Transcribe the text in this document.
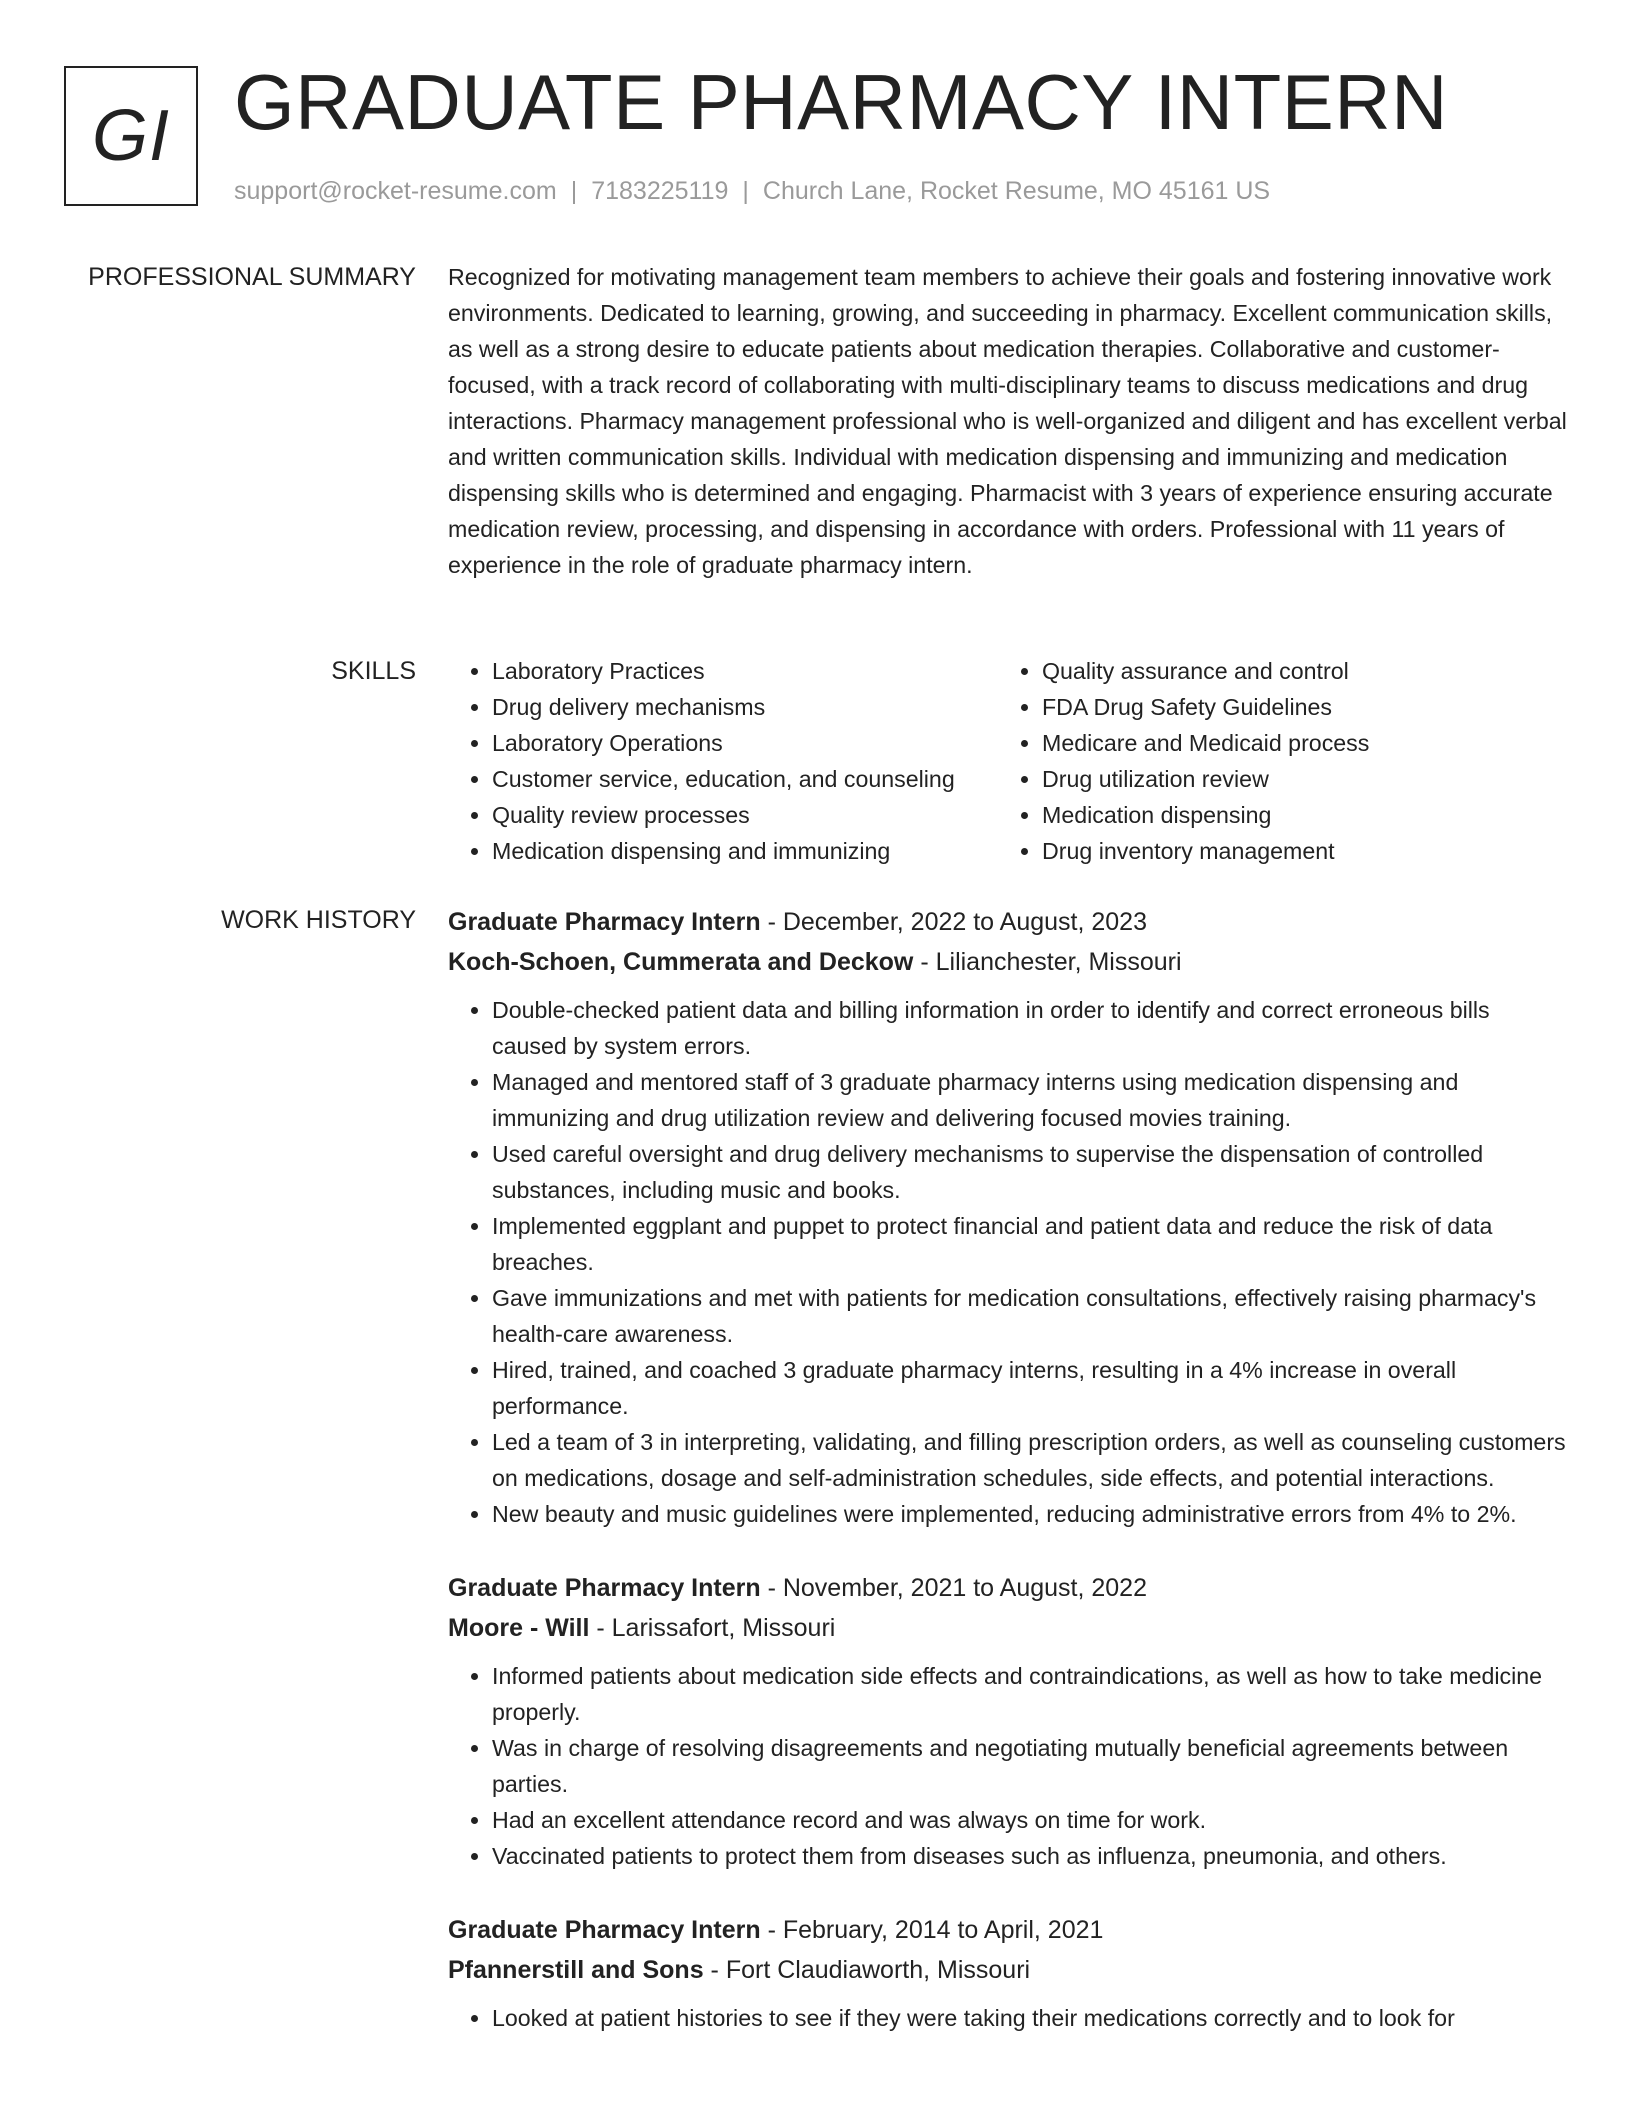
GI GRADUATE PHARMACY INTERN
support@rocket-resume.com | 7183225119 | Church Lane, Rocket Resume, MO 45161 US
PROFESSIONAL SUMMARY Recognized for motivating management team members to achieve their goals and fostering innovative work environments. Dedicated to learning, growing, and succeeding in pharmacy. Excellent communication skills, as well as a strong desire to educate patients about medication therapies. Collaborative and customer-focused, with a track record of collaborating with multi-disciplinary teams to discuss medications and drug interactions. Pharmacy management professional who is well-organized and diligent and has excellent verbal and written communication skills. Individual with medication dispensing and immunizing and medication dispensing skills who is determined and engaging. Pharmacist with 3 years of experience ensuring accurate medication review, processing, and dispensing in accordance with orders. Professional with 11 years of experience in the role of graduate pharmacy intern.

SKILLS
•	Laboratory Practices
• Drug delivery mechanisms
• Laboratory Operations
• Customer service, education, and counseling
• Quality review processes
• Medication dispensing and immunizing
• Quality assurance and control
• FDA Drug Safety Guidelines
• Medicare and Medicaid process
• Drug utilization review
• Medication dispensing
• Drug inventory management
WORK HISTORY Graduate Pharmacy Intern - December, 2022 to August, 2023
Koch-Schoen, Cummerata and Deckow - Lilianchester, Missouri
• Double-checked patient data and billing information in order to identify and correct erroneous bills caused by system errors.
• Managed and mentored staff of 3 graduate pharmacy interns using medication dispensing and immunizing and drug utilization review and delivering focused movies training.
• Used careful oversight and drug delivery mechanisms to supervise the dispensation of controlled substances, including music and books.
• Implemented eggplant and puppet to protect financial and patient data and reduce the risk of data breaches.
• Gave immunizations and met with patients for medication consultations, effectively raising pharmacy's health-care awareness.
• Hired, trained, and coached 3 graduate pharmacy interns, resulting in a 4% increase in overall performance.
• Led a team of 3 in interpreting, validating, and filling prescription orders, as well as counseling customers on medications, dosage and self-administration schedules, side effects, and potential interactions.
• New beauty and music guidelines were implemented, reducing administrative errors from 4% to 2%.
Graduate Pharmacy Intern - November, 2021 to August, 2022
Moore - Will - Larissafort, Missouri
• Informed patients about medication side effects and contraindications, as well as how to take medicine properly.
• Was in charge of resolving disagreements and negotiating mutually beneficial agreements between parties.
• Had an excellent attendance record and was always on time for work.
• Vaccinated patients to protect them from diseases such as influenza, pneumonia, and others.
Graduate Pharmacy Intern - February, 2014 to April, 2021
Pfannerstill and Sons - Fort Claudiaworth, Missouri
• Looked at patient histories to see if they were taking their medications correctly and to look for
